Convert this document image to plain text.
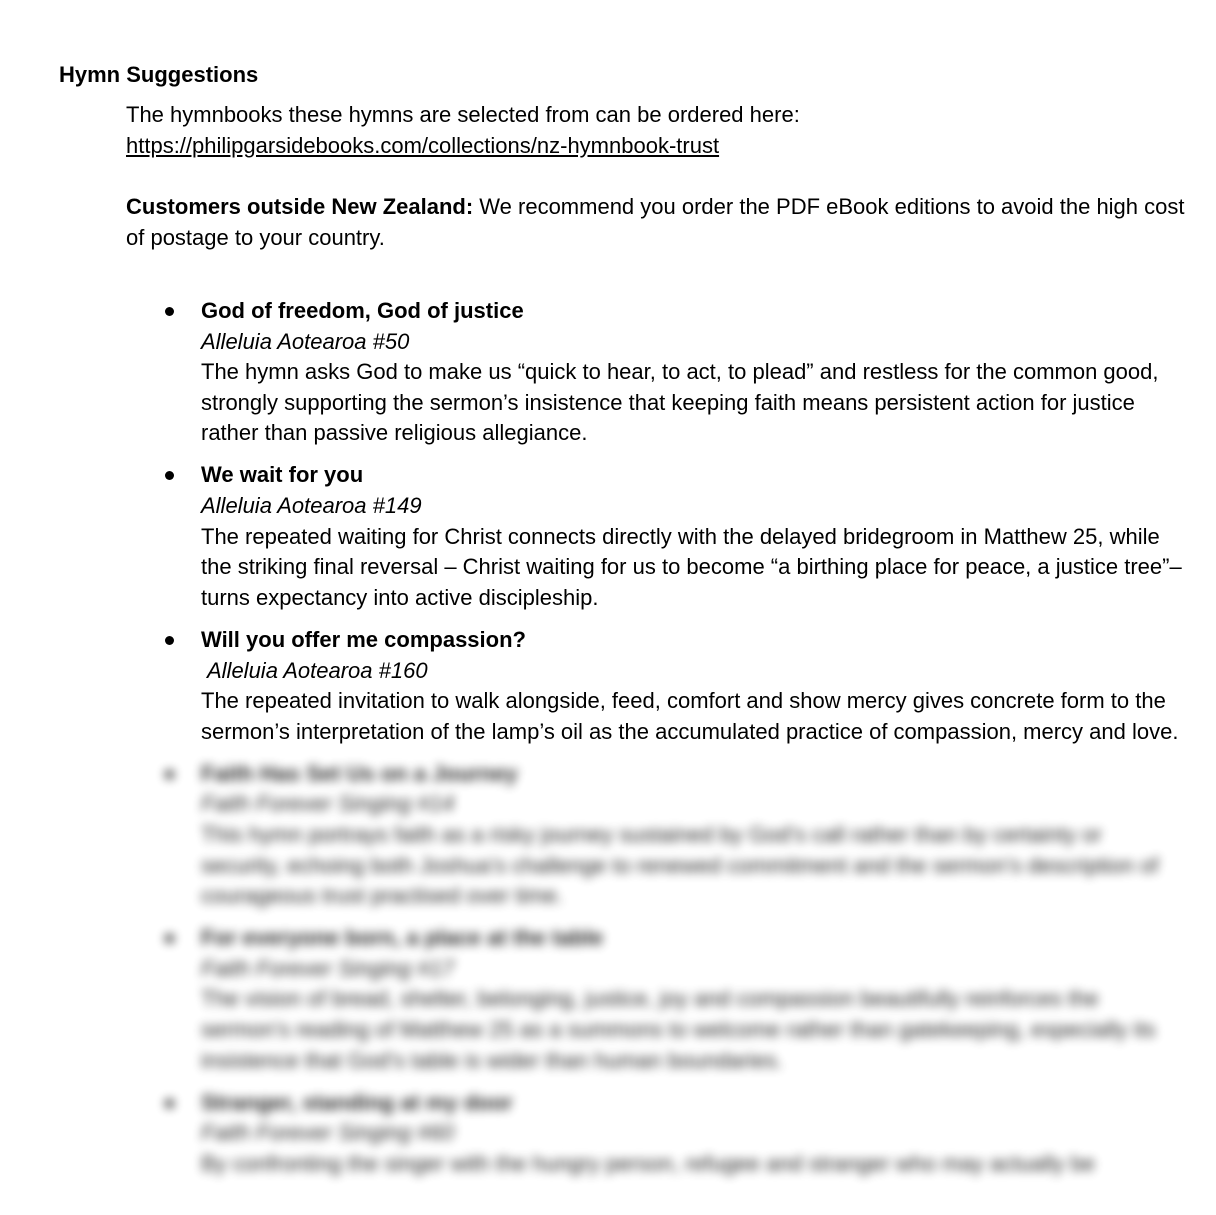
Hymn Suggestions

The hymnbooks these hymns are selected from can be ordered here:
https://philipgarsidebooks.com/collections/nz-hymnbook-trust

Customers outside New Zealand: We recommend you order the PDF eBook editions to avoid the high cost of postage to your country.

God of freedom, God of justice
Alleluia Aotearoa #50
The hymn asks God to make us “quick to hear, to act, to plead” and restless for the common good, strongly supporting the sermon’s insistence that keeping faith means persistent action for justice rather than passive religious allegiance.
We wait for you
Alleluia Aotearoa #149
The repeated waiting for Christ connects directly with the delayed bridegroom in Matthew 25, while the striking final reversal – Christ waiting for us to become “a birthing place for peace, a justice tree”– turns expectancy into active discipleship.
Will you offer me compassion?
Alleluia Aotearoa #160
The repeated invitation to walk alongside, feed, comfort and show mercy gives concrete form to the sermon’s interpretation of the lamp’s oil as the accumulated practice of compassion, mercy and love.
Faith Has Set Us on a Journey
Faith Forever Singing #14
This hymn portrays faith as a risky journey sustained by God’s call rather than by certainty or security, echoing both Joshua’s challenge to renewed commitment and the sermon’s description of courageous trust practised over time.
For everyone born, a place at the table
Faith Forever Singing #17
The vision of bread, shelter, belonging, justice, joy and compassion beautifully reinforces the sermon’s reading of Matthew 25 as a summons to welcome rather than gatekeeping, especially its insistence that God’s table is wider than human boundaries.
Stranger, standing at my door
Faith Forever Singing #60
By confronting the singer with the hungry person, refugee and stranger who may actually be
